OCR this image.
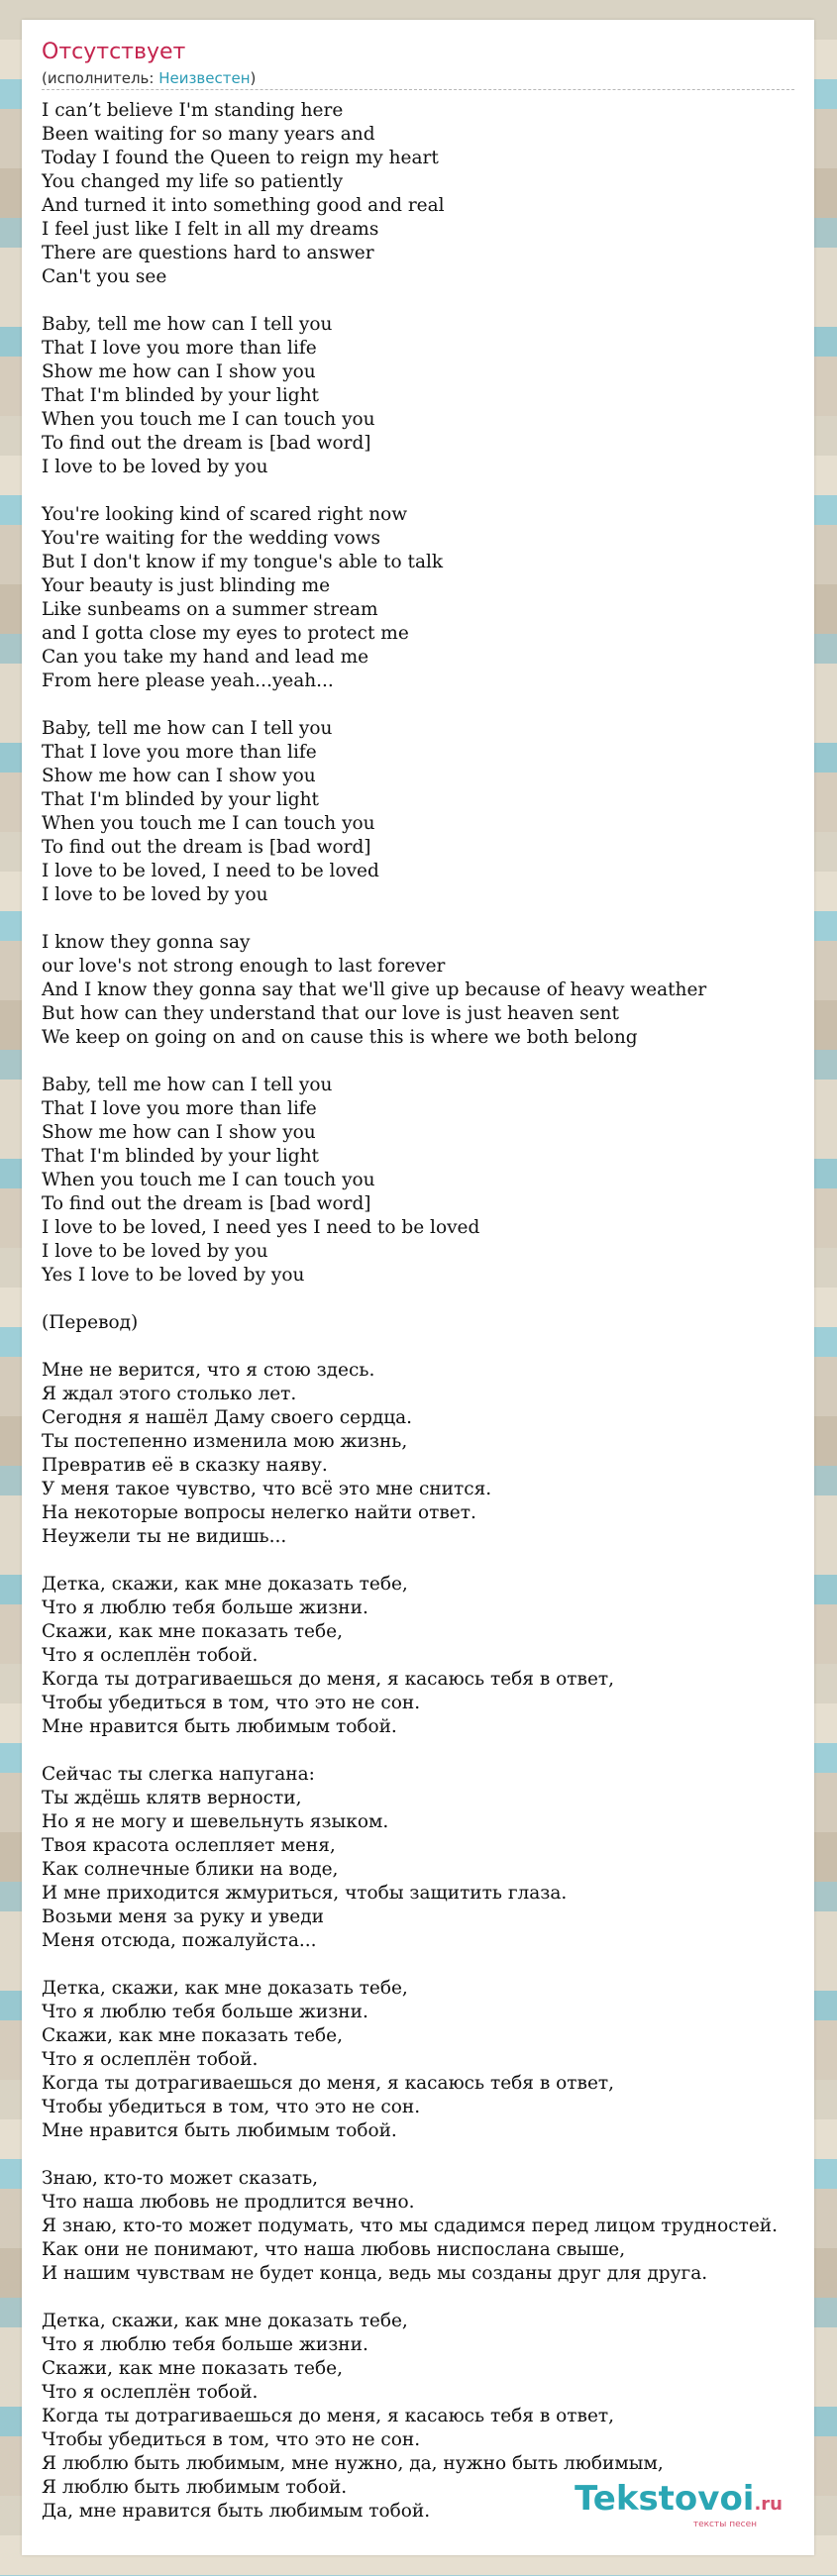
Отсутствует
(исполнитель: Неизвестен)
I can’t believe I'm standing here
Been waiting for so many years and
Today I found the Queen to reign my heart
You changed my life so patiently
And turned it into something good and real
I feel just like I felt in all my dreams
There are questions hard to answer
Can't you see

Baby, tell me how can I tell you
That I love you more than life
Show me how can I show you
That I'm blinded by your light
When you touch me I can touch you
To find out the dream is [bad word]
I love to be loved by you

You're looking kind of scared right now
You're waiting for the wedding vows
But I don't know if my tongue's able to talk
Your beauty is just blinding me
Like sunbeams on a summer stream
and I gotta close my eyes to protect me
Can you take my hand and lead me
From here please yeah...yeah...

Baby, tell me how can I tell you
That I love you more than life
Show me how can I show you
That I'm blinded by your light
When you touch me I can touch you
To find out the dream is [bad word]
I love to be loved, I need to be loved
I love to be loved by you

I know they gonna say
our love's not strong enough to last forever
And I know they gonna say that we'll give up because of heavy weather
But how can they understand that our love is just heaven sent
We keep on going on and on cause this is where we both belong

Baby, tell me how can I tell you
That I love you more than life
Show me how can I show you
That I'm blinded by your light
When you touch me I can touch you
To find out the dream is [bad word]
I love to be loved, I need yes I need to be loved
I love to be loved by you
Yes I love to be loved by you

(Перевод)

Мне не верится, что я стою здесь.
Я ждал этого столько лет.
Сегодня я нашёл Даму своего сердца.
Ты постепенно изменила мою жизнь,
Превратив её в сказку наяву.
У меня такое чувство, что всё это мне снится.
На некоторые вопросы нелегко найти ответ.
Неужели ты не видишь...

Детка, скажи, как мне доказать тебе,
Что я люблю тебя больше жизни.
Скажи, как мне показать тебе,
Что я ослеплён тобой.
Когда ты дотрагиваешься до меня, я касаюсь тебя в ответ,
Чтобы убедиться в том, что это не сон.
Мне нравится быть любимым тобой.

Сейчас ты слегка напугана:
Ты ждёшь клятв верности,
Но я не могу и шевельнуть языком.
Твоя красота ослепляет меня,
Как солнечные блики на воде,
И мне приходится жмуриться, чтобы защитить глаза.
Возьми меня за руку и уведи
Меня отсюда, пожалуйста...

Детка, скажи, как мне доказать тебе,
Что я люблю тебя больше жизни.
Скажи, как мне показать тебе,
Что я ослеплён тобой.
Когда ты дотрагиваешься до меня, я касаюсь тебя в ответ,
Чтобы убедиться в том, что это не сон.
Мне нравится быть любимым тобой.

Знаю, кто-то может сказать,
Что наша любовь не продлится вечно.
Я знаю, кто-то может подумать, что мы сдадимся перед лицом трудностей.
Как они не понимают, что наша любовь ниспослана свыше,
И нашим чувствам не будет конца, ведь мы созданы друг для друга.

Детка, скажи, как мне доказать тебе,
Что я люблю тебя больше жизни.
Скажи, как мне показать тебе,
Что я ослеплён тобой.
Когда ты дотрагиваешься до меня, я касаюсь тебя в ответ,
Чтобы убедиться в том, что это не сон.
Я люблю быть любимым, мне нужно, да, нужно быть любимым,
Я люблю быть любимым тобой.
Да, мне нравится быть любимым тобой.	Tekstovoi.ru
тексты песен
